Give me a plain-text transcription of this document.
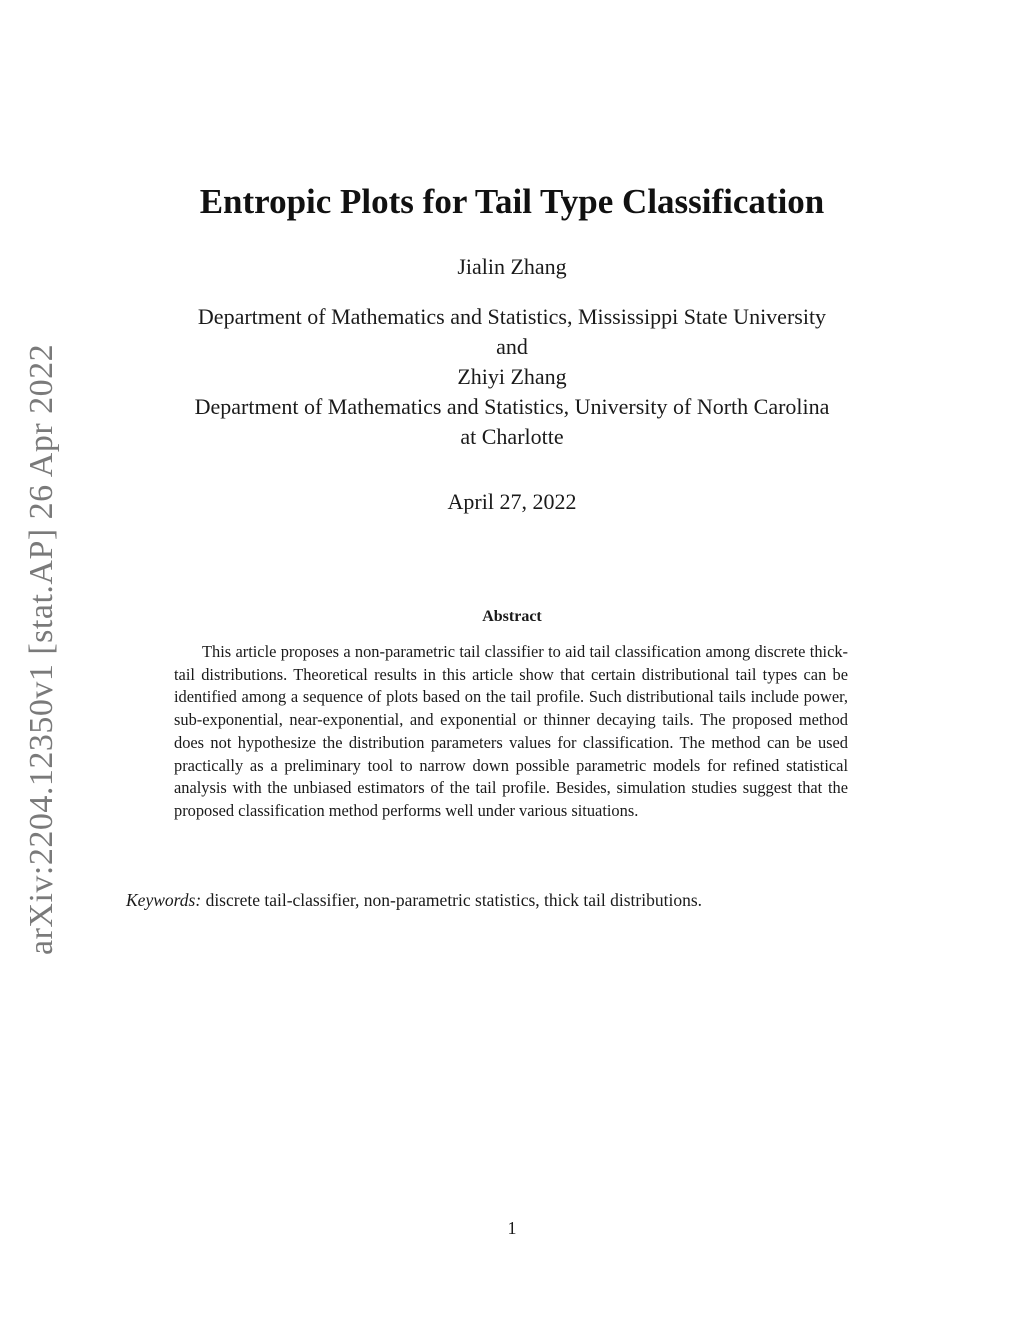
arXiv:2204.12350v1 [stat.AP] 26 Apr 2022
Entropic Plots for Tail Type Classification
Jialin Zhang
Department of Mathematics and Statistics, Mississippi State University
and
Zhiyi Zhang
Department of Mathematics and Statistics, University of North Carolina
at Charlotte
April 27, 2022
Abstract

This article proposes a non-parametric tail classifier to aid tail classification among discrete thick-tail distributions. Theoretical results in this article show that certain distributional tail types can be identified among a sequence of plots based on the tail profile. Such distributional tails include power, sub-exponential, near-exponential, and exponential or thinner decaying tails. The proposed method does not hypothesize the distribution parameters values for classification. The method can be used practically as a preliminary tool to narrow down possible parametric models for refined statistical analysis with the unbiased estimators of the tail profile. Besides, simulation studies suggest that the proposed classification method performs well under various situations.

Keywords: discrete tail-classifier, non-parametric statistics, thick tail distributions.
1
